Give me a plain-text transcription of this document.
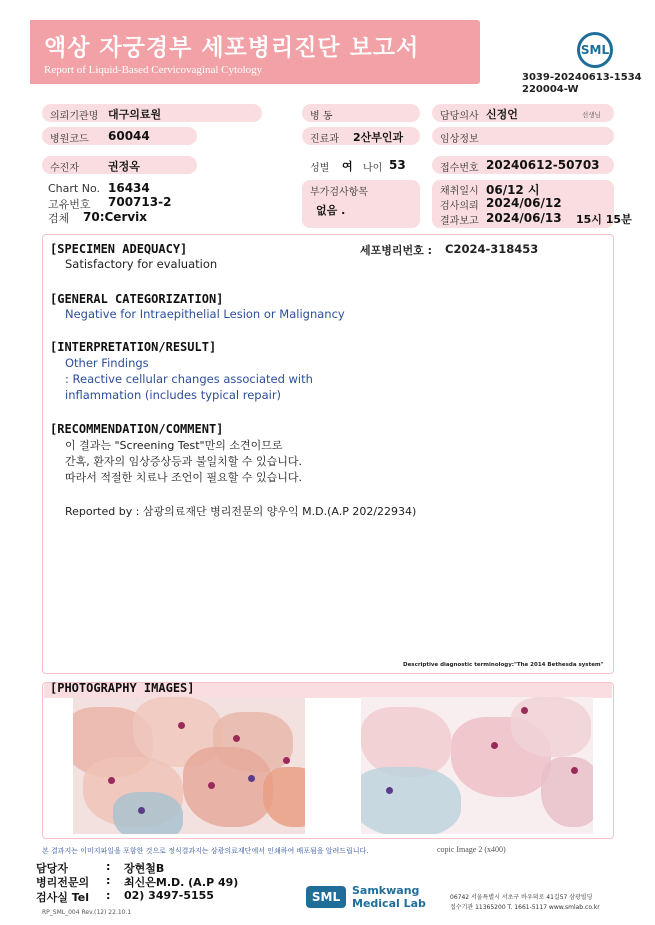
액상 자궁경부 세포병리진단 보고서
Report of Liquid-Based Cervicovaginal Cytology
SML
3039-20240613-1534
220004-W
의뢰기관명 대구의료원	병 동	담당의사 신정언	선생님
병원코드 60044	진료과 2산부인과	임상정보
수진자	권정옥	성별 여 나이 53	접수번호 20240612-50703
Chart No. 16434
고유번호 700713-2
검체 70:Cervix
부가검사항목
없음 .
채취일시 06/12 시
검사의뢰 2024/06/12
결과보고 2024/06/13 15시 15분
[SPECIMEN ADEQUACY]
Satisfactory for evaluation
세포병리번호 : C2024-318453
[GENERAL CATEGORIZATION]
Negative for Intraepithelial Lesion or Malignancy
[INTERPRETATION/RESULT]
Other Findings
: Reactive cellular changes associated with
inflammation (includes typical repair)
[RECOMMENDATION/COMMENT]
이 결과는 "Screening Test"만의 소견이므로
간혹, 환자의 임상증상등과 불일치할 수 있습니다.
따라서 적절한 치료나 조언이 필요할 수 있습니다.
Reported by : 삼광의료재단 병리전문의 양우익 M.D.(A.P 202/22934)
Descriptive diagnostic terminology:"The 2014 Bethesda system"
[PHOTOGRAPHY IMAGES]
본 결과지는 이미지파일을 포함한 것으로 정식결과지는 삼광의료재단에서 인쇄하여 배포됨을 알려드립니다.	copic Image 2 (x400)
담당자	: 장현철B
병리전문의 : 최신은M.D. (A.P 49)
검사실 Tel : 02) 3497-5155
RP_SML_004 Rev.(12) 22.10.1
SML	Samkwang
Medical Lab	06742 서울특별시 서초구 바우뫼로 41길57 삼광빌딩
접수기관 11365200 T. 1661-5117 www.smlab.co.kr
